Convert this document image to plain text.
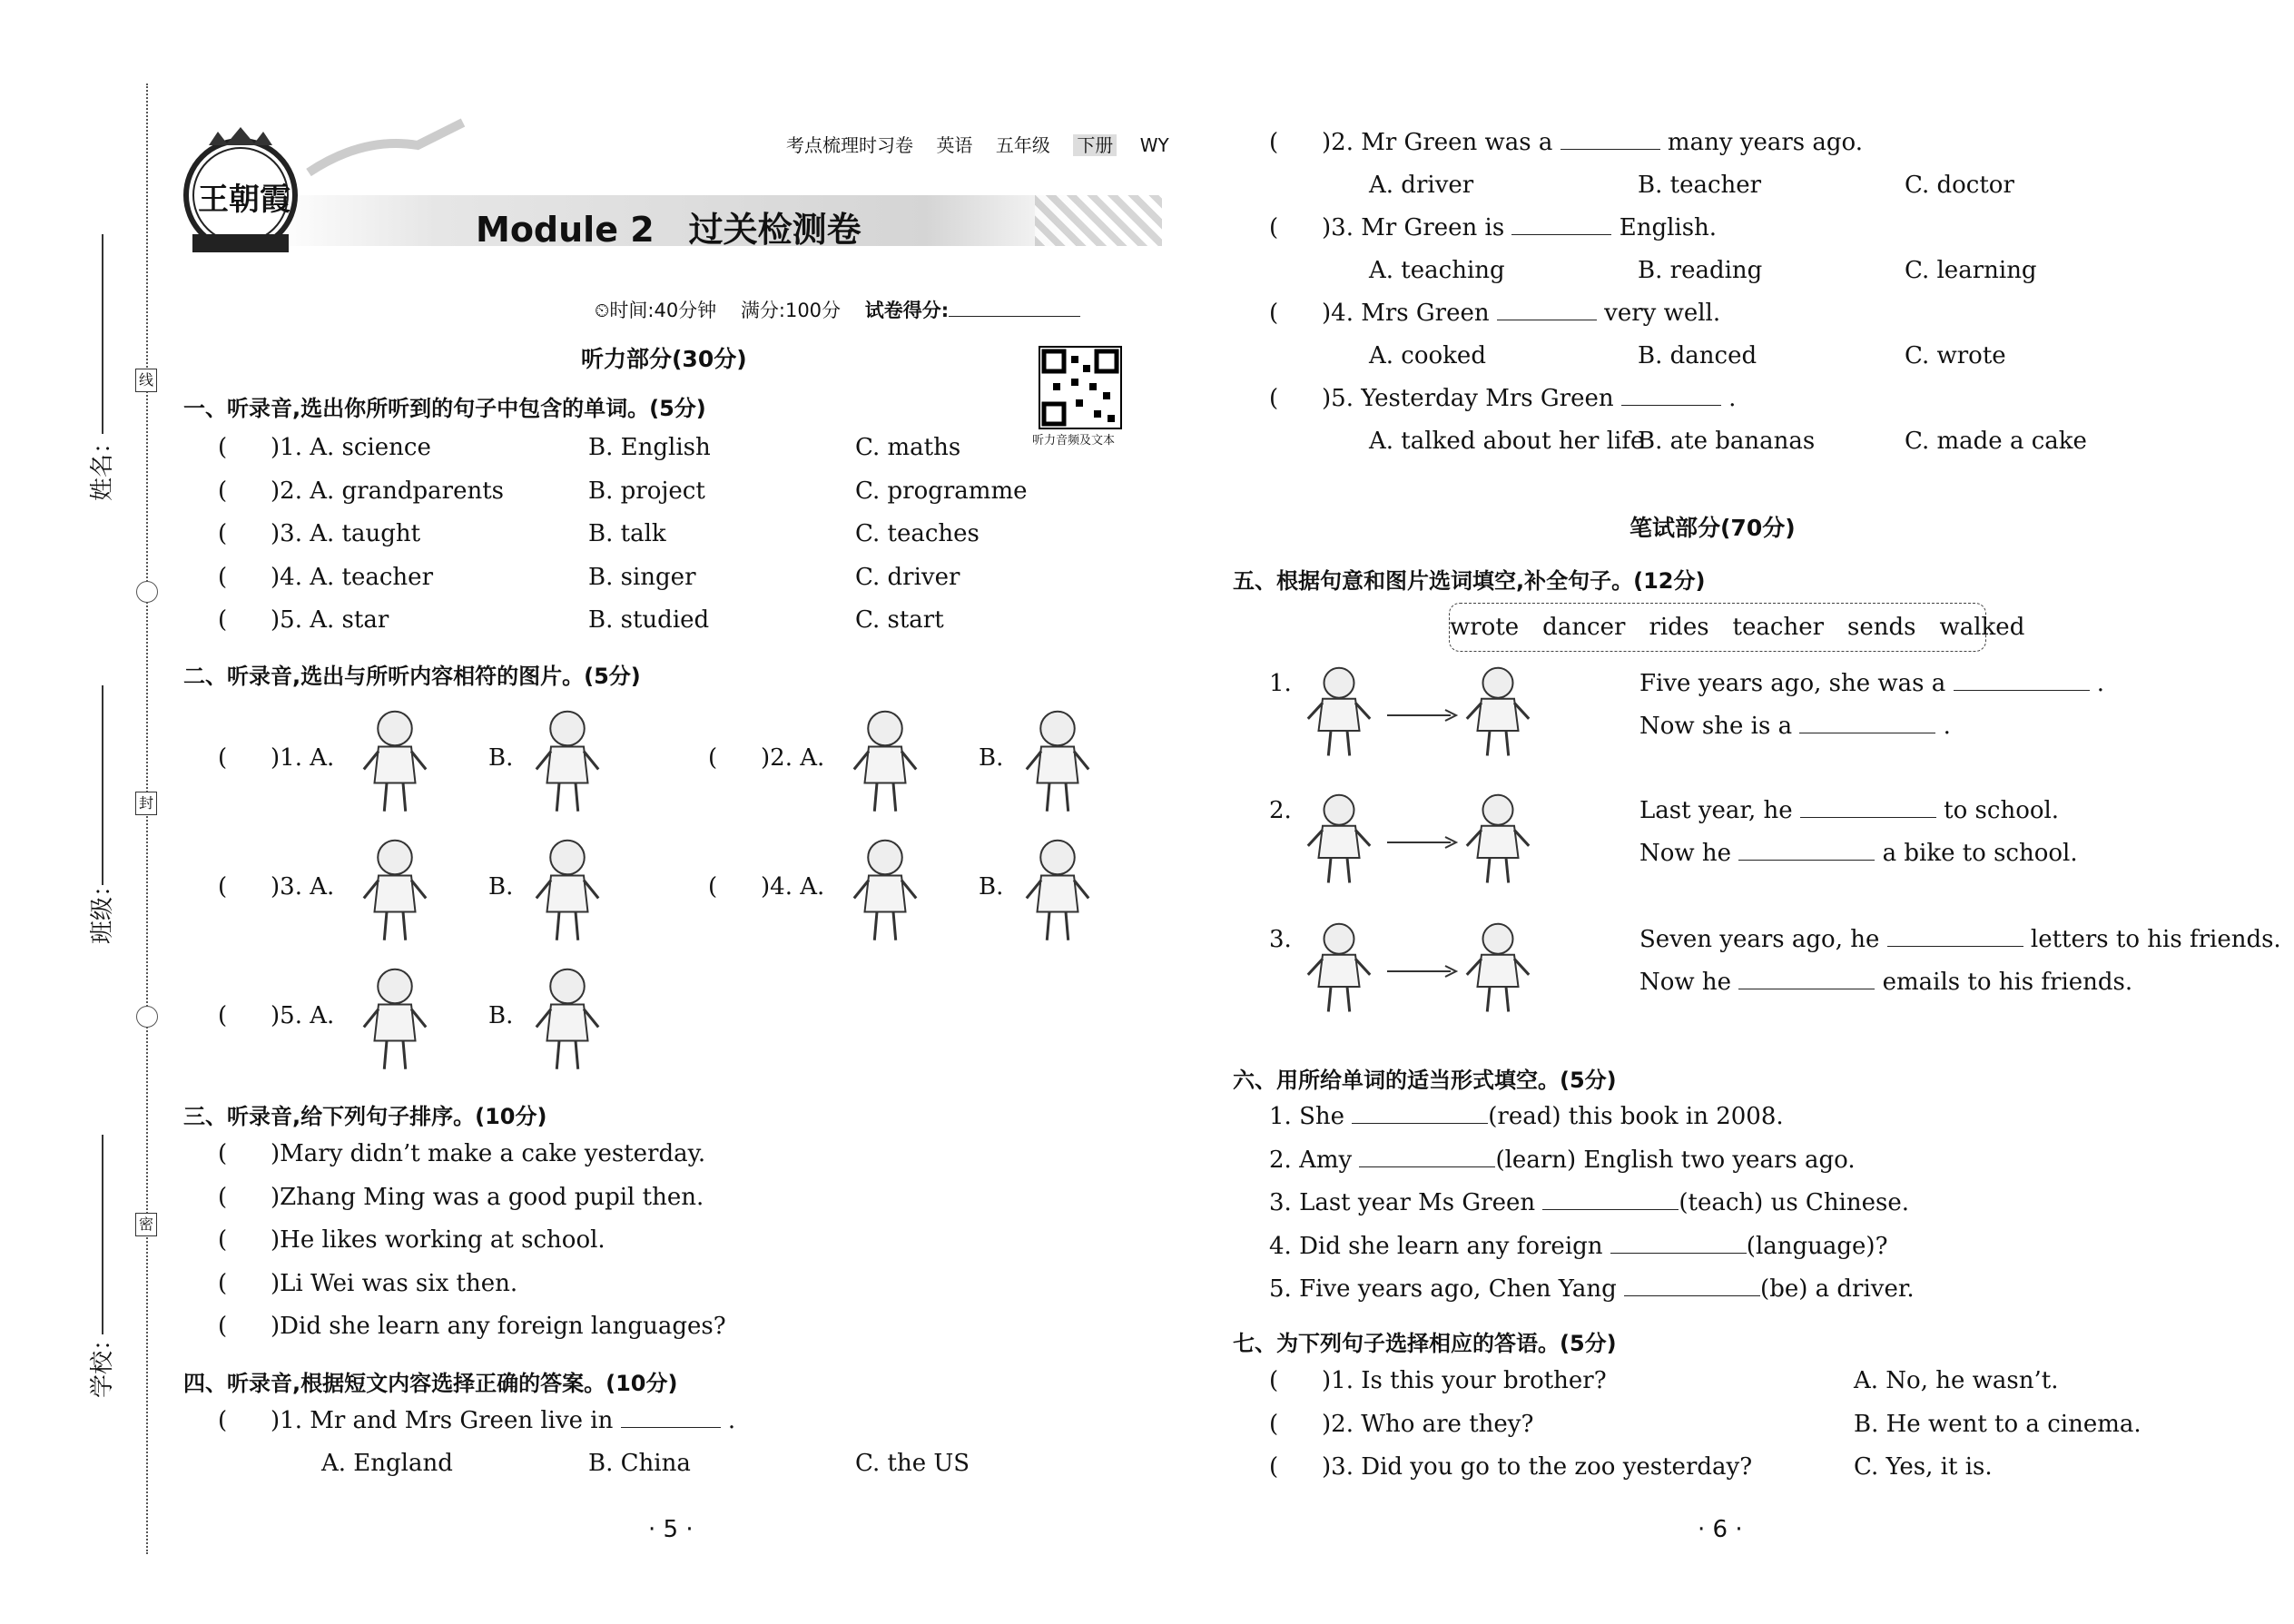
姓名：
班级：
学校：
线
封
密
考点梳理时习卷 英语 五年级 下册 WY
Module 2　过关检测卷
王朝霞
⏲时间:40分钟 满分:100分 试卷得分:
听力音频及文本
听力部分(30分)
一、听录音,选出你所听到的句子中包含的单词。(5分)
( )1. A. science	B. English	C. maths
( )2. A. grandparents	B. project	C. programme
( )3. A. taught	B. talk	C. teaches
( )4. A. teacher	B. singer	C. driver
( )5. A. star	B. studied	C. start
二、听录音,选出与所听内容相符的图片。(5分)
( )1. A.	B.	( )2. A.	B.
( )3. A.	B.	( )4. A.	B.
( )5. A.	B.
三、听录音,给下列句子排序。(10分)
( )Mary didn’t make a cake yesterday.
( )Zhang Ming was a good pupil then.
( )He likes working at school.
( )Li Wei was six then.
( )Did she learn any foreign languages?
四、听录音,根据短文内容选择正确的答案。(10分)
( )1. Mr and Mrs Green live in	.
A. England	B. China	C. the US
( )2. Mr Green was a	many years ago.
A. driver	B. teacher	C. doctor
( )3. Mr Green is	English.
A. teaching	B. reading	C. learning
( )4. Mrs Green	very well.
A. cooked	B. danced	C. wrote
( )5. Yesterday Mrs Green	.
A. talked about her life
B. ate bananas	C. made a cake
· 5 ·
笔试部分(70分)
五、根据句意和图片选词填空,补全句子。(12分)
wrote　dancer　rides　teacher　sends　walked
1.	Five years ago, she was a	.
Now she is a	.
2.	Last year, he	to school.
Now he	a bike to school.
3.	Seven years ago, he	letters to his friends.
Now he	emails to his friends.
六、用所给单词的适当形式填空。(5分)
1. She	(read) this book in 2008.
2. Amy	(learn) English two years ago.
3. Last year Ms Green	(teach) us Chinese.
4. Did she learn any foreign	(language)?
5. Five years ago, Chen Yang	(be) a driver.
七、为下列句子选择相应的答语。(5分)
( )1. Is this your brother?	A. No, he wasn’t.
( )2. Who are they?	B. He went to a cinema.
( )3. Did you go to the zoo yesterday?	C. Yes, it is.
· 6 ·
